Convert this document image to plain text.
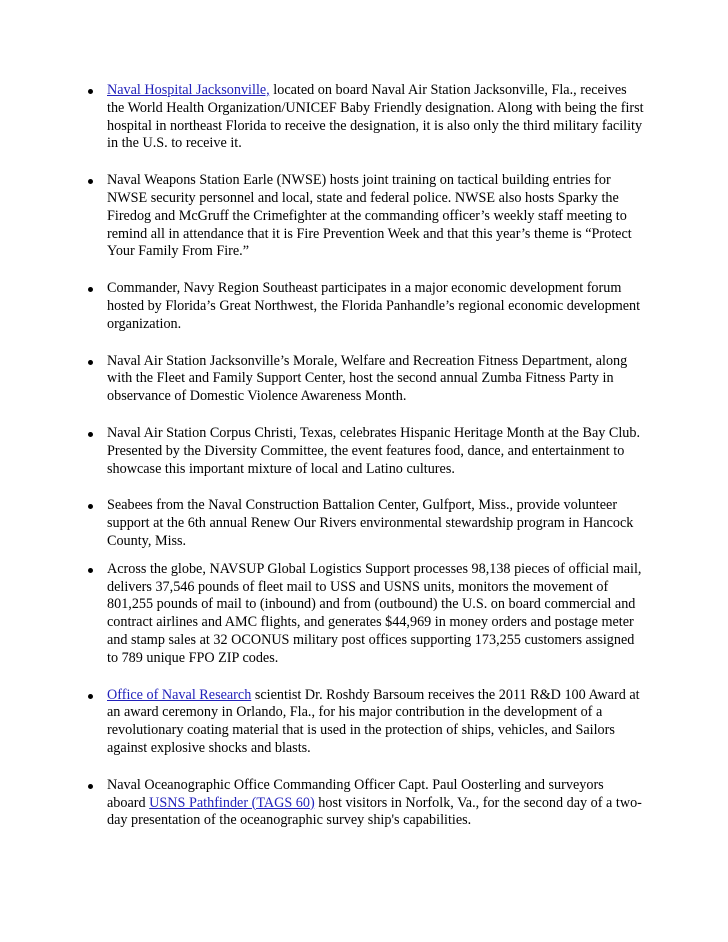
Naval Hospital Jacksonville, located on board Naval Air Station Jacksonville, Fla., receives the World Health Organization/UNICEF Baby Friendly designation. Along with being the first hospital in northeast Florida to receive the designation, it is also only the third military facility in the U.S. to receive it.
Naval Weapons Station Earle (NWSE) hosts joint training on tactical building entries for NWSE security personnel and local, state and federal police. NWSE also hosts Sparky the Firedog and McGruff the Crimefighter at the commanding officer’s weekly staff meeting to remind all in attendance that it is Fire Prevention Week and that this year’s theme is “Protect Your Family From Fire.”
Commander, Navy Region Southeast participates in a major economic development forum hosted by Florida’s Great Northwest, the Florida Panhandle’s regional economic development organization.
Naval Air Station Jacksonville’s Morale, Welfare and Recreation Fitness Department, along with the Fleet and Family Support Center, host the second annual Zumba Fitness Party in observance of Domestic Violence Awareness Month.
Naval Air Station Corpus Christi, Texas, celebrates Hispanic Heritage Month at the Bay Club. Presented by the Diversity Committee, the event features food, dance, and entertainment to showcase this important mixture of local and Latino cultures.
Seabees from the Naval Construction Battalion Center, Gulfport, Miss., provide volunteer support at the 6th annual Renew Our Rivers environmental stewardship program in Hancock County, Miss.
Across the globe, NAVSUP Global Logistics Support processes 98,138 pieces of official mail, delivers 37,546 pounds of fleet mail to USS and USNS units, monitors the movement of 801,255 pounds of mail to (inbound) and from (outbound) the U.S. on board commercial and contract airlines and AMC flights, and generates $44,969 in money orders and postage meter and stamp sales at 32 OCONUS military post offices supporting 173,255 customers assigned to 789 unique FPO ZIP codes.
Office of Naval Research scientist Dr. Roshdy Barsoum receives the 2011 R&D 100 Award at an award ceremony in Orlando, Fla., for his major contribution in the development of a revolutionary coating material that is used in the protection of ships, vehicles, and Sailors against explosive shocks and blasts.
Naval Oceanographic Office Commanding Officer Capt. Paul Oosterling and surveyors aboard USNS Pathfinder (TAGS 60) host visitors in Norfolk, Va., for the second day of a two-day presentation of the oceanographic survey ship's capabilities.
